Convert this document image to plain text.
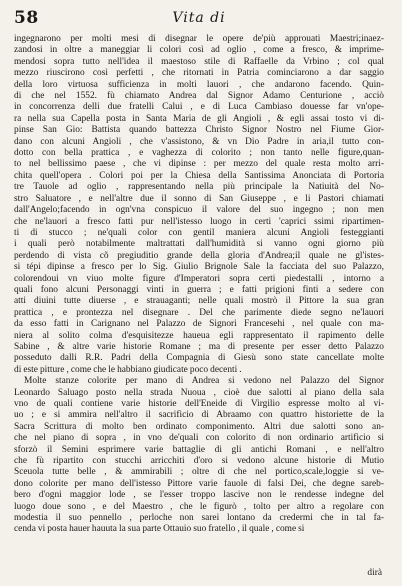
58	Vita di
ingegnarono per molti mesi di disegnar le opere de'più approuati Maestri;inaez-
zandosi in oltre a maneggiar li colori così ad oglio , come a fresco, & imprime-
mendosi sopra tutto nell'idea il maestoso stile di Raffaelle da Vrbino ; col qual
mezzo riuscirono così perfetti , che ritornati in Patria cominciarono a dar saggio
della loro virtuosa sufficienza in molti lauori , che andarono facendo. Quin-
di che nel 1552. fù chiamato Andrea dal Signor Adamo Centurione , acciò
in concorrenza delli due fratelli Calui , e di Luca Cambiaso douesse far vn'ope-
ra nella sua Capella posta in Santa Maria de gli Angioli , & egli assai tosto vi di-
pinse San Gio: Battista quando battezza Christo Signor Nostro nel Fiume Gior-
dano con alcuni Angioli , che v'assistono, & vn Dio Padre in aria,il tutto con-
dotto con bella prattica , e vaghezza di colorito ; non tanto nelle figure,quan-
to nel bellissimo paese , che vi dipinse : per mezzo del quale resta molto arri-
chita quell'opera . Colori poi per la Chiesa della Santissima Anonciata di Portoria
tre Tauole ad oglio , rappresentando nella più principale la Natiuità del No-
stro Saluatore , e nell'altre due il sonno di San Giuseppe , e li Pastori chiamati
dall'Angelo;facendo in ogn'vna conspicuo il valore del suo ingegno ; non men
che ne'lauori a fresco fatti pur nell'istesso luogo in certi 'caprici ssimi ripartimen-
ti di stucco ; ne'quali color con gentil maniera alcuni Angioli festeggianti
i quali però notabilmente maltrattati dall'humidità si vanno ogni giorno più
perdendo di vista cõ pregiuditio grande della gloria d'Andrea;il quale ne gl'istes-
si tépi dipinse a fresco per lo Sig. Giulio Brignole Sale la facciata del suo Palazzo,
colorendoui vn viuo molte figure d'Imperatori sopra certi piedestalli , intorno a
quali fono alcuni Personaggi vinti in guerra ; e fatti prigioni finti a sedere con
atti diuini tutte diuerse , e strauaganti; nelle quali mostrò il Pittore la sua gran
prattica , e prontezza nel disegnare . Del che parimente diede segno ne'lauori
da esso fatti in Carignano nel Palazzo de Signori Francesehi , nel quale con ma-
niera al solito colma d'esquisitezze haueua egli rappresentato il rapimento delle
Sabine , & altre varie historie Romane ; ma di presente per esser detto Palazzo
posseduto dalli R.R. Padri della Compagnia di Giesù sono state cancellate molte
di este pitture , come che le habbiano giudicate poco decenti .
Molte stanze colorite per mano di Andrea si vedono nel Palazzo del Signor
Leonardo Saluago posto nella strada Nuoua , cioè due salotti al piano della sala
vno de quali contiene varie historie dell'Eneide di Virgilio espresse molto al vi-
uo ; e si ammira nell'altro il sacrificio di Abraamo con quattro historiette de la
Sacra Scrittura di molto ben ordinato componimento. Altri due salotti sono an-
che nel piano di sopra , in vno de'quali con colorito di non ordinario artificio si
sforzò il Semini esprimere varie battaglie di gli antichi Romani , e nell'altro
che fù ripartito con stucchi arricchiti d'oro si vedono alcune historie di Mutio
Sceuola tutte belle , & ammirabili ; oltre di che nel portico,scale,loggie si ve-
dono colorite per mano dell'istesso Pittore varie fauole di falsi Dei, che degne sareb-
bero d'ogni maggior lode , se l'esser troppo lascive non le rendesse indegne del
luogo doue sono , e del Maestro , che le figurò , tolto per altro a regolare con
modestia il suo pennello , perloche non sarei lontano da credermi che in tal fa-
cenda vi posta hauer hauuta la sua parte Ottauio suo fratello , il quale , come si
dirà
